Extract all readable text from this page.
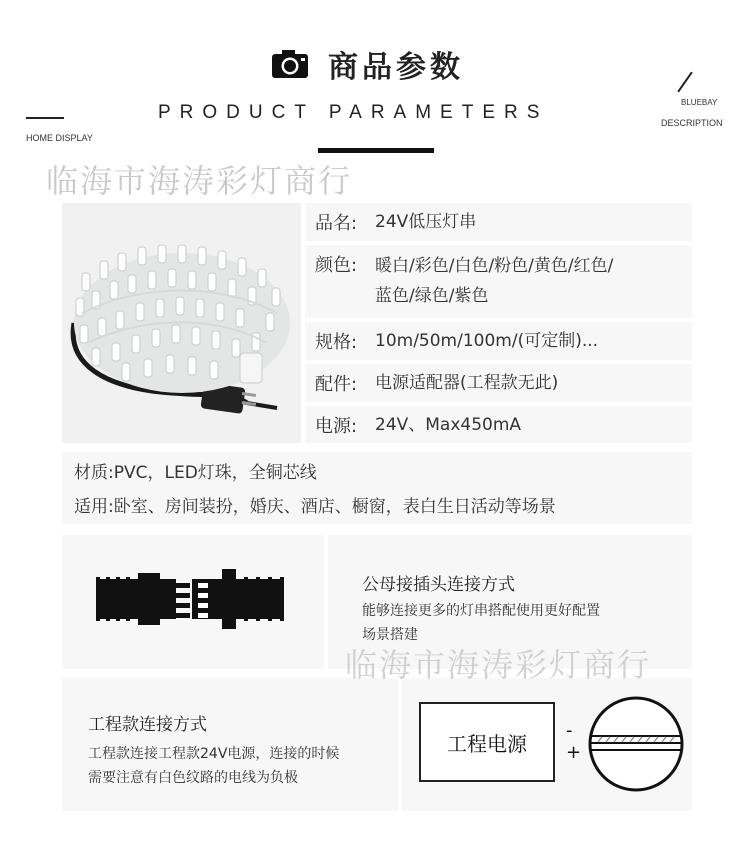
商品参数
PRODUCT PARAMETERS
HOME DISPLAY
BLUEBAY
DESCRIPTION
临海市海涛彩灯商行
品名:	24V低压灯串
颜色:	暖白/彩色/白色/粉色/黄色/红色/
蓝色/绿色/紫色
规格:	10m/50m/100m/(可定制)...
配件:	电源适配器(工程款无此)
电源:	24V、Max450mA
材质:PVC，LED灯珠，全铜芯线
适用:卧室、房间装扮，婚庆、酒店、橱窗，表白生日活动等场景
公母接插头连接方式
能够连接更多的灯串搭配使用更好配置
场景搭建
临海市海涛彩灯商行
工程款连接方式
工程款连接工程款24V电源，连接的时候
需要注意有白色纹路的电线为负极
工程电源
-
+
